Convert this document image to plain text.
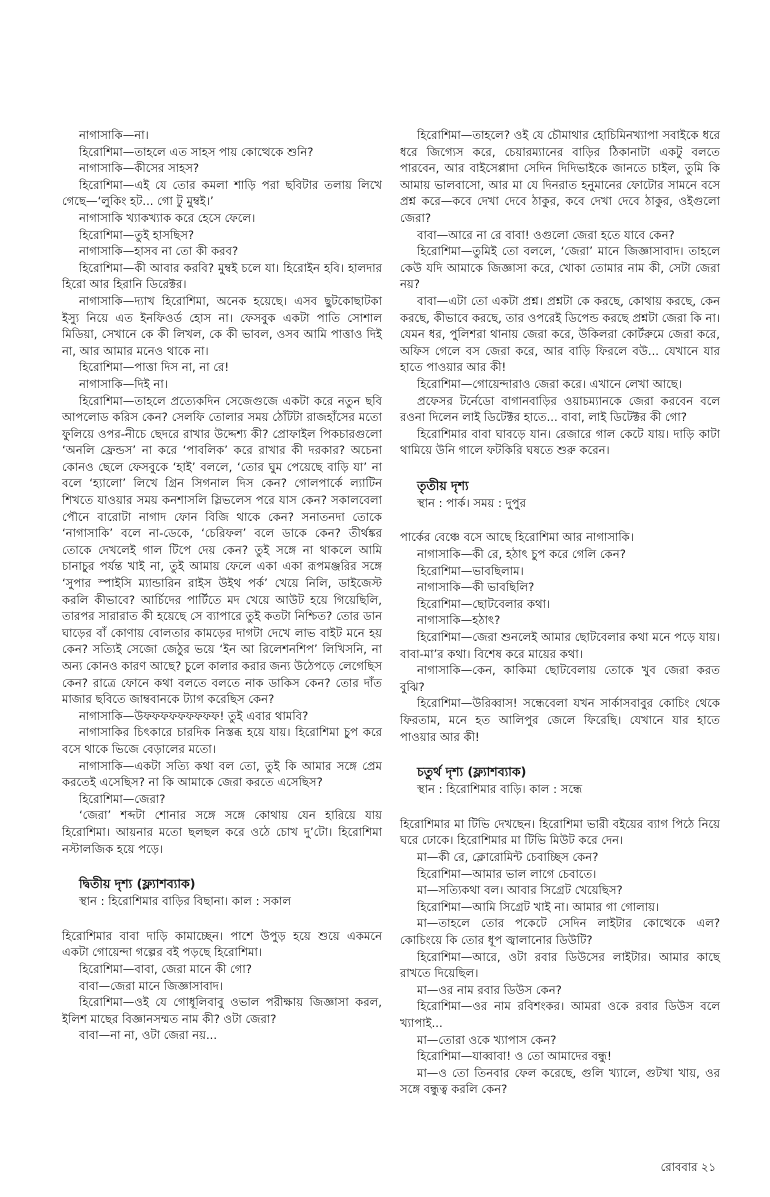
নাগাসাকি—না।

হিরোশিমা—তাহলে এত সাহস পায় কোত্থেকে শুনি?

নাগাসাকি—কীসের সাহস?

হিরোশিমা—এই যে তোর কমলা শাড়ি পরা ছবিটার তলায় লিখে গেছে—‘লুকিং হট... গো টু মুম্বই।’

নাগাসাকি খ্যাকখ্যাক করে হেসে ফেলে।

হিরোশিমা—তুই হাসছিস?

নাগাসাকি—হাসব না তো কী করব?

হিরোশিমা—কী আবার করবি? মুম্বই চলে যা। হিরোইন হবি। হালদার হিরো আর হিরানি ডিরেক্টর।

নাগাসাকি—দ্যাখ হিরোশিমা, অনেক হয়েছে। এসব ছুটকোছাটকা ইস্যু নিয়ে এত ইনফিওর্ড হোস না। ফেসবুক একটা পাতি সোশাল মিডিয়া, সেখানে কে কী লিখল, কে কী ভাবল, ওসব আমি পাত্তাও দিই না, আর আমার মনেও থাকে না।

হিরোশিমা—পাত্তা দিস না, না রে!

নাগাসাকি—দিই না।

হিরোশিমা—তাহলে প্রত্যেকদিন সেজেগুজে একটা করে নতুন ছবি আপলোড করিস কেন? সেলফি তোলার সময় ঠোঁটটা রাজহাঁসের মতো ফুলিয়ে ওপর-নীচে ছেদরে রাখার উদ্দেশ্য কী? প্রোফাইল পিকচারগুলো ‘অনলি ফ্রেন্ডস’ না করে ‘পাবলিক’ করে রাখার কী দরকার? অচেনা কোনও ছেলে ফেসবুকে ‘হাই’ বললে, ‘তোর ঘুম পেয়েছে বাড়ি যা’ না বলে ‘হ্যালো’ লিখে গ্রিন সিগনাল দিস কেন? গোলপার্কে ল্যাটিন শিখতে যাওয়ার সময় কনশাসলি স্লিভলেস পরে যাস কেন? সকালবেলা পৌনে বারোটা নাগাদ ফোন বিজি থাকে কেন? সনাতনদা তোকে ‘নাগাসাকি’ বলে না-ডেকে, ‘চেরিফল’ বলে ডাকে কেন? তীর্থঙ্কর তোকে দেখলেই গাল টিপে দেয় কেন? তুই সঙ্গে না থাকলে আমি চানাচুর পর্যন্ত খাই না, তুই আমায় ফেলে একা একা রূপমঞ্জরির সঙ্গে ‘সুপার স্পাইসি ম্যান্ডারিন রাইস উইথ পর্ক’ খেয়ে নিলি, ডাইজেস্ট করলি কীভাবে? আর্চিদের পার্টিতে মদ খেয়ে আউট হয়ে গিয়েছিলি, তারপর সারারাত কী হয়েছে সে ব্যাপারে তুই কতটা নিশ্চিত? তোর ডান ঘাড়ের বাঁ কোণায় বোলতার কামড়ের দাগটা দেখে লাভ বাইট মনে হয় কেন? সত্যিই সেজো জেঠুর ভয়ে ‘ইন আ রিলেশনশিপ’ লিখিসনি, না অন্য কোনও কারণ আছে? চুলে কালার করার জন্য উঠেপড়ে লেগেছিস কেন? রাত্রে ফোনে কথা বলতে বলতে নাক ডাকিস কেন? তোর দাঁত মাজার ছবিতে জাম্ববানকে ট্যাগ করেছিস কেন?

নাগাসাকি—উফফফফফফফফফ! তুই এবার থামবি?

নাগাসাকির চিৎকারে চারদিক নিস্তব্ধ হয়ে যায়। হিরোশিমা চুপ করে বসে থাকে ভিজে বেড়ালের মতো।

নাগাসাকি—একটা সত্যি কথা বল তো, তুই কি আমার সঙ্গে প্রেম করতেই এসেছিস? না কি আমাকে জেরা করতে এসেছিস?

হিরোশিমা—জেরা?

‘জেরা’ শব্দটা শোনার সঙ্গে সঙ্গে কোথায় যেন হারিয়ে যায় হিরোশিমা। আয়নার মতো ছলছল করে ওঠে চোখ দু’টো। হিরোশিমা নস্টালজিক হয়ে পড়ে।

দ্বিতীয় দৃশ্য (ফ্ল্যাশব্যাক)

স্থান : হিরোশিমার বাড়ির বিছানা। কাল : সকাল

হিরোশিমার বাবা দাড়ি কামাচ্ছেন। পাশে উপুড় হয়ে শুয়ে একমনে একটা গোয়েন্দা গল্পের বই পড়ছে হিরোশিমা।

হিরোশিমা—বাবা, জেরা মানে কী গো?

বাবা—জেরা মানে জিজ্ঞাসাবাদ।

হিরোশিমা—ওই যে গোধূলিবাবু ওভাল পরীক্ষায় জিজ্ঞাসা করল, ইলিশ মাছের বিজ্ঞানসম্মত নাম কী? ওটা জেরা?

বাবা—না না, ওটা জেরা নয়...

হিরোশিমা—তাহলে? ওই যে চৌমাথার হোচিমিনখ্যাপা সবাইকে ধরে ধরে জিগ্যেস করে, চেয়ারম্যানের বাড়ির ঠিকানাটা একটু বলতে পারবেন, আর বাইসেপ্পাদা সেদিন দিদিভাইকে জানতে চাইল, তুমি কি আমায় ভালবাসো, আর মা যে দিনরাত হনুমানের ফোটোর সামনে বসে প্রশ্ন করে—কবে দেখা দেবে ঠাকুর, কবে দেখা দেবে ঠাকুর, ওইগুলো জেরা?

বাবা—আরে না রে বাবা! ওগুলো জেরা হতে যাবে কেন?

হিরোশিমা—তুমিই তো বললে, ‘জেরা’ মানে জিজ্ঞাসাবাদ। তাহলে কেউ যদি আমাকে জিজ্ঞাসা করে, খোকা তোমার নাম কী, সেটা জেরা নয়?

বাবা—এটা তো একটা প্রশ্ন। প্রশ্নটা কে করছে, কোথায় করছে, কেন করছে, কীভাবে করছে, তার ওপরেই ডিপেন্ড করছে প্রশ্নটা জেরা কি না। যেমন ধর, পুলিশরা থানায় জেরা করে, উকিলরা কোর্টরুমে জেরা করে, অফিস গেলে বস জেরা করে, আর বাড়ি ফিরলে বউ... যেখানে যার হাতে পাওয়ার আর কী!

হিরোশিমা—গোয়েন্দারাও জেরা করে। এখানে লেখা আছে।

প্রফেসর টর্নেডো বাগানবাড়ির ওয়াচম্যানকে জেরা করবেন বলে রওনা দিলেন লাই ডিটেক্টর হাতে... বাবা, লাই ডিটেক্টর কী গো?

হিরোশিমার বাবা ঘাবড়ে যান। রেজারে গাল কেটে যায়। দাড়ি কাটা থামিয়ে উনি গালে ফটকিরি ঘষতে শুরু করেন।

তৃতীয় দৃশ্য

স্থান : পার্ক। সময় : দুপুর

পার্কের বেঞ্চে বসে আছে হিরোশিমা আর নাগাসাকি।

নাগাসাকি—কী রে, হঠাৎ চুপ করে গেলি কেন?

হিরোশিমা—ভাবছিলাম।

নাগাসাকি—কী ভাবছিলি?

হিরোশিমা—ছোটবেলার কথা।

নাগাসাকি—হঠাৎ?

হিরোশিমা—জেরা শুনলেই আমার ছোটবেলার কথা মনে পড়ে যায়। বাবা-মা’র কথা। বিশেষ করে মায়ের কথা।

নাগাসাকি—কেন, কাকিমা ছোটবেলায় তোকে খুব জেরা করত বুঝি?

হিরোশিমা—উরিব্বাস! সন্ধেবেলা যখন সার্কাসবাবুর কোচিং থেকে ফিরতাম, মনে হত আলিপুর জেলে ফিরেছি। যেখানে যার হাতে পাওয়ার আর কী!

চতুর্থ দৃশ্য (ফ্ল্যাশব্যাক)

স্থান : হিরোশিমার বাড়ি। কাল : সন্ধে

হিরোশিমার মা টিভি দেখছেন। হিরোশিমা ভারী বইয়ের ব্যাগ পিঠে নিয়ে ঘরে ঢোকে। হিরোশিমার মা টিভি মিউট করে দেন।

মা—কী রে, ক্লোরোমিন্ট চেবাচ্ছিস কেন?

হিরোশিমা—আমার ভাল লাগে চেবাতে।

মা—সত্যিকথা বল। আবার সিগ্রেট খেয়েছিস?

হিরোশিমা—আমি সিগ্রেট খাই না। আমার গা গোলায়।

মা—তাহলে তোর পকেটে সেদিন লাইটার কোত্থেকে এল? কোচিংয়ে কি তোর ধূপ জ্বালানোর ডিউটি?

হিরোশিমা—আরে, ওটা রবার ডিউসের লাইটার। আমার কাছে রাখতে দিয়েছিল।

মা—ওর নাম রবার ডিউস কেন?

হিরোশিমা—ওর নাম রবিশংকর। আমরা ওকে রবার ডিউস বলে খ্যাপাই...

মা—তোরা ওকে খ্যাপাস কেন?

হিরোশিমা—যাব্বাবা! ও তো আমাদের বন্ধু!

মা—ও তো তিনবার ফেল করেছে, গুলি খ্যালে, গুটখা খায়, ওর সঙ্গে বন্ধুত্ব করলি কেন?

রোববার ২১
